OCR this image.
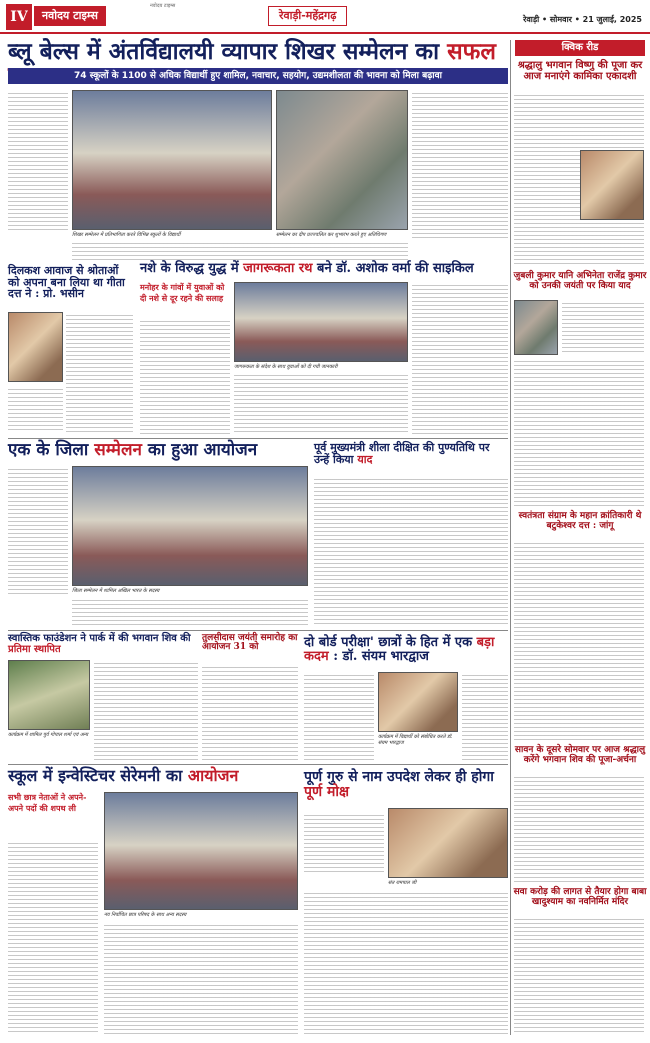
IV	नवोदय टाइम्स
नवोदय टाइम्स
रेवाड़ी-महेंद्रगढ़	रेवाड़ी • सोमवार • 21 जुलाई, 2025
ब्लू बेल्स में अंतर्विद्यालयी व्यापार शिखर सम्मेलन का सफल
74 स्कूलों के 1100 से अधिक विद्यार्थी हुए शामिल, नवाचार, सहयोग, उद्यमशीलता की भावना को मिला बढ़ावा
शिखर सम्मेलन में प्रतिभागिता करते विभिन्न स्कूलों के विद्यार्थी	सम्मेलन का दीप प्रज्ज्वलित कर शुभारंभ करते हुए अतिथिगण
दिलकश आवाज से श्रोताओं को अपना बना लिया था गीता दत्त ने : प्रो. भसीन
नशे के विरुद्ध युद्ध में जागरूकता रथ बने डॉ. अशोक वर्मा की साइकिल
मनोहर के गांवों में युवाओं को दी नशे से दूर रहने की सलाह
जागरूकता के संदेश के साथ युवाओं को दी गयी जानकारी
एक के जिला सम्मेलन का हुआ आयोजन
जिला सम्मेलन में शामिल अखिल भारत के सदस्य
पूर्व मुख्यमंत्री शीला दीक्षित की पुण्यतिथि पर उन्हें किया याद
स्वास्तिक फाउंडेशन ने पार्क में की भगवान शिव की प्रतिमा स्थापित
कार्यक्रम में शामिल पुर्व गोपाल शर्मा एवं अन्य
तुलसीदास जयंती समारोह का आयोजन 31 को	दो बोर्ड परीक्षा' छात्रों के हित में एक बड़ा कदम : डॉ. संयम भारद्वाज
कार्यक्रम में विद्यार्थी को संबोधित करते डॉ. संयम भारद्वाज
स्कूल में इन्वेस्टिचर सेरेमनी का आयोजन
सभी छात्र नेताओं ने अपने-अपने पदों की शपथ ली
नव निर्वाचित छात्र परिषद के साथ अन्य सदस्य
पूर्ण गुरु से नाम उपदेश लेकर ही होगा पूर्ण मोक्ष
संत रामपाल जी
क्विक रीड
श्रद्धालु भगवान विष्णु की पूजा कर आज मनाएंगे कामिका एकादशी
जुबली कुमार यानि अभिनेता राजेंद्र कुमार को उनकी जयंती पर किया याद
स्वतंत्रता संग्राम के महान क्रांतिकारी थे बटुकेश्वर दत्त : जांगू
सावन के दूसरे सोमवार पर आज श्रद्धालु करेंगे भगवान शिव की पूजा-अर्चना
सवा करोड़ की लागत से तैयार होगा बाबा खादुश्याम का नवनिर्मित मंदिर
